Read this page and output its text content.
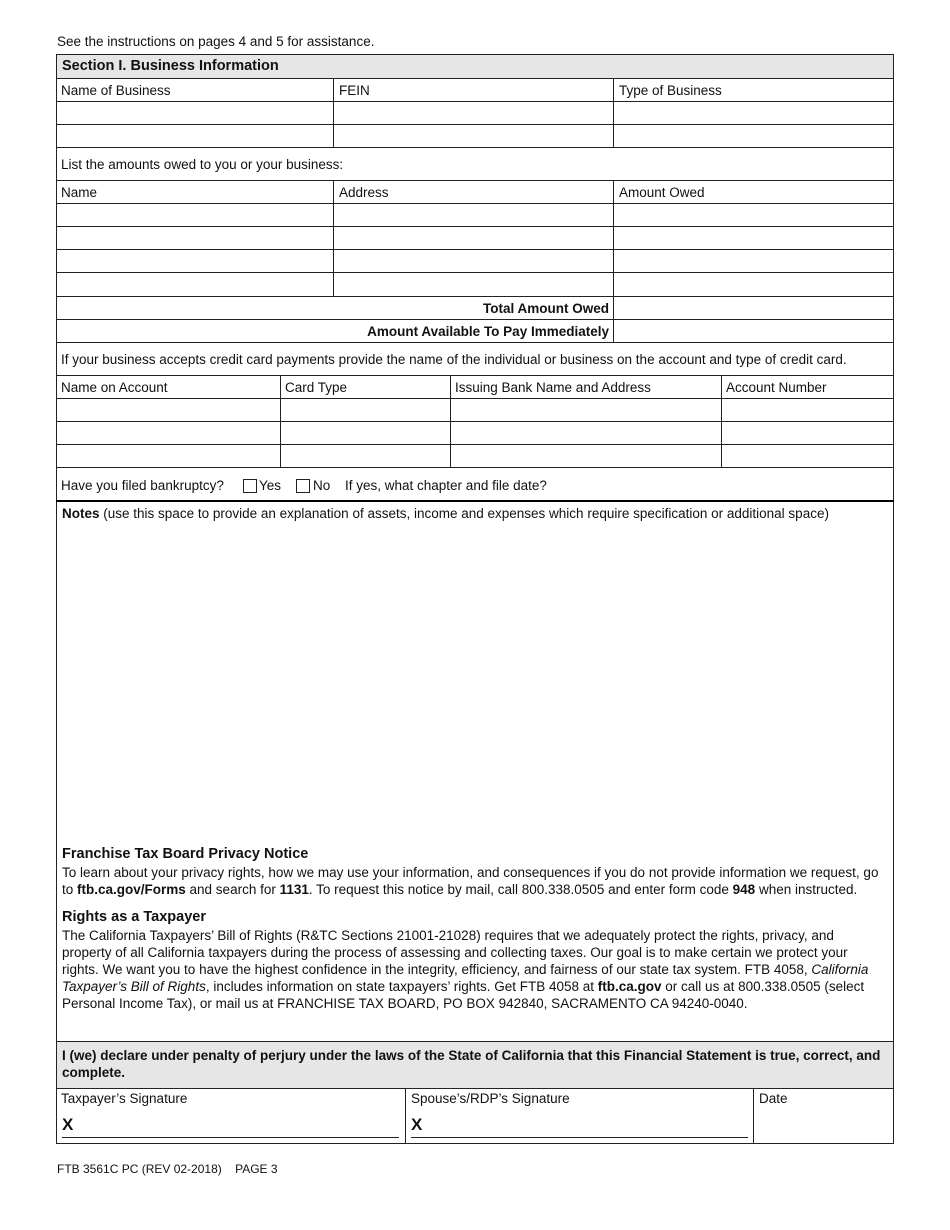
See the instructions on pages 4 and 5 for assistance.
Section I. Business Information
Name of Business	FEIN	Type of Business
List the amounts owed to you or your business:
Name	Address	Amount Owed
Total Amount Owed
Amount Available To Pay Immediately
If your business accepts credit card payments provide the name of the individual or business on the account and type of credit card.
Name on Account	Card Type	Issuing Bank Name and Address	Account Number
Have you filed bankruptcy?	Yes No If yes, what chapter and file date?
Notes (use this space to provide an explanation of assets, income and expenses which require specification or additional space)
Franchise Tax Board Privacy Notice

To learn about your privacy rights, how we may use your information, and consequences if you do not provide information we request, go
to ftb.ca.gov/Forms and search for 1131. To request this notice by mail, call 800.338.0505 and enter form code 948 when instructed.

Rights as a Taxpayer

The California Taxpayers’ Bill of Rights (R&TC Sections 21001-21028) requires that we adequately protect the rights, privacy, and
property of all California taxpayers during the process of assessing and collecting taxes. Our goal is to make certain we protect your
rights. We want you to have the highest confidence in the integrity, efficiency, and fairness of our state tax system. FTB 4058, California
Taxpayer’s Bill of Rights, includes information on state taxpayers’ rights. Get FTB 4058 at ftb.ca.gov or call us at 800.338.0505 (select
Personal Income Tax), or mail us at FRANCHISE TAX BOARD, PO BOX 942840, SACRAMENTO CA 94240-0040.

I (we) declare under penalty of perjury under the laws of the State of California that this Financial Statement is true, correct, and complete.

Taxpayer’s Signature	Spouse’s/RDP’s Signature	Date
X	X
FTB 3561C PC (REV 02-2018) PAGE 3
